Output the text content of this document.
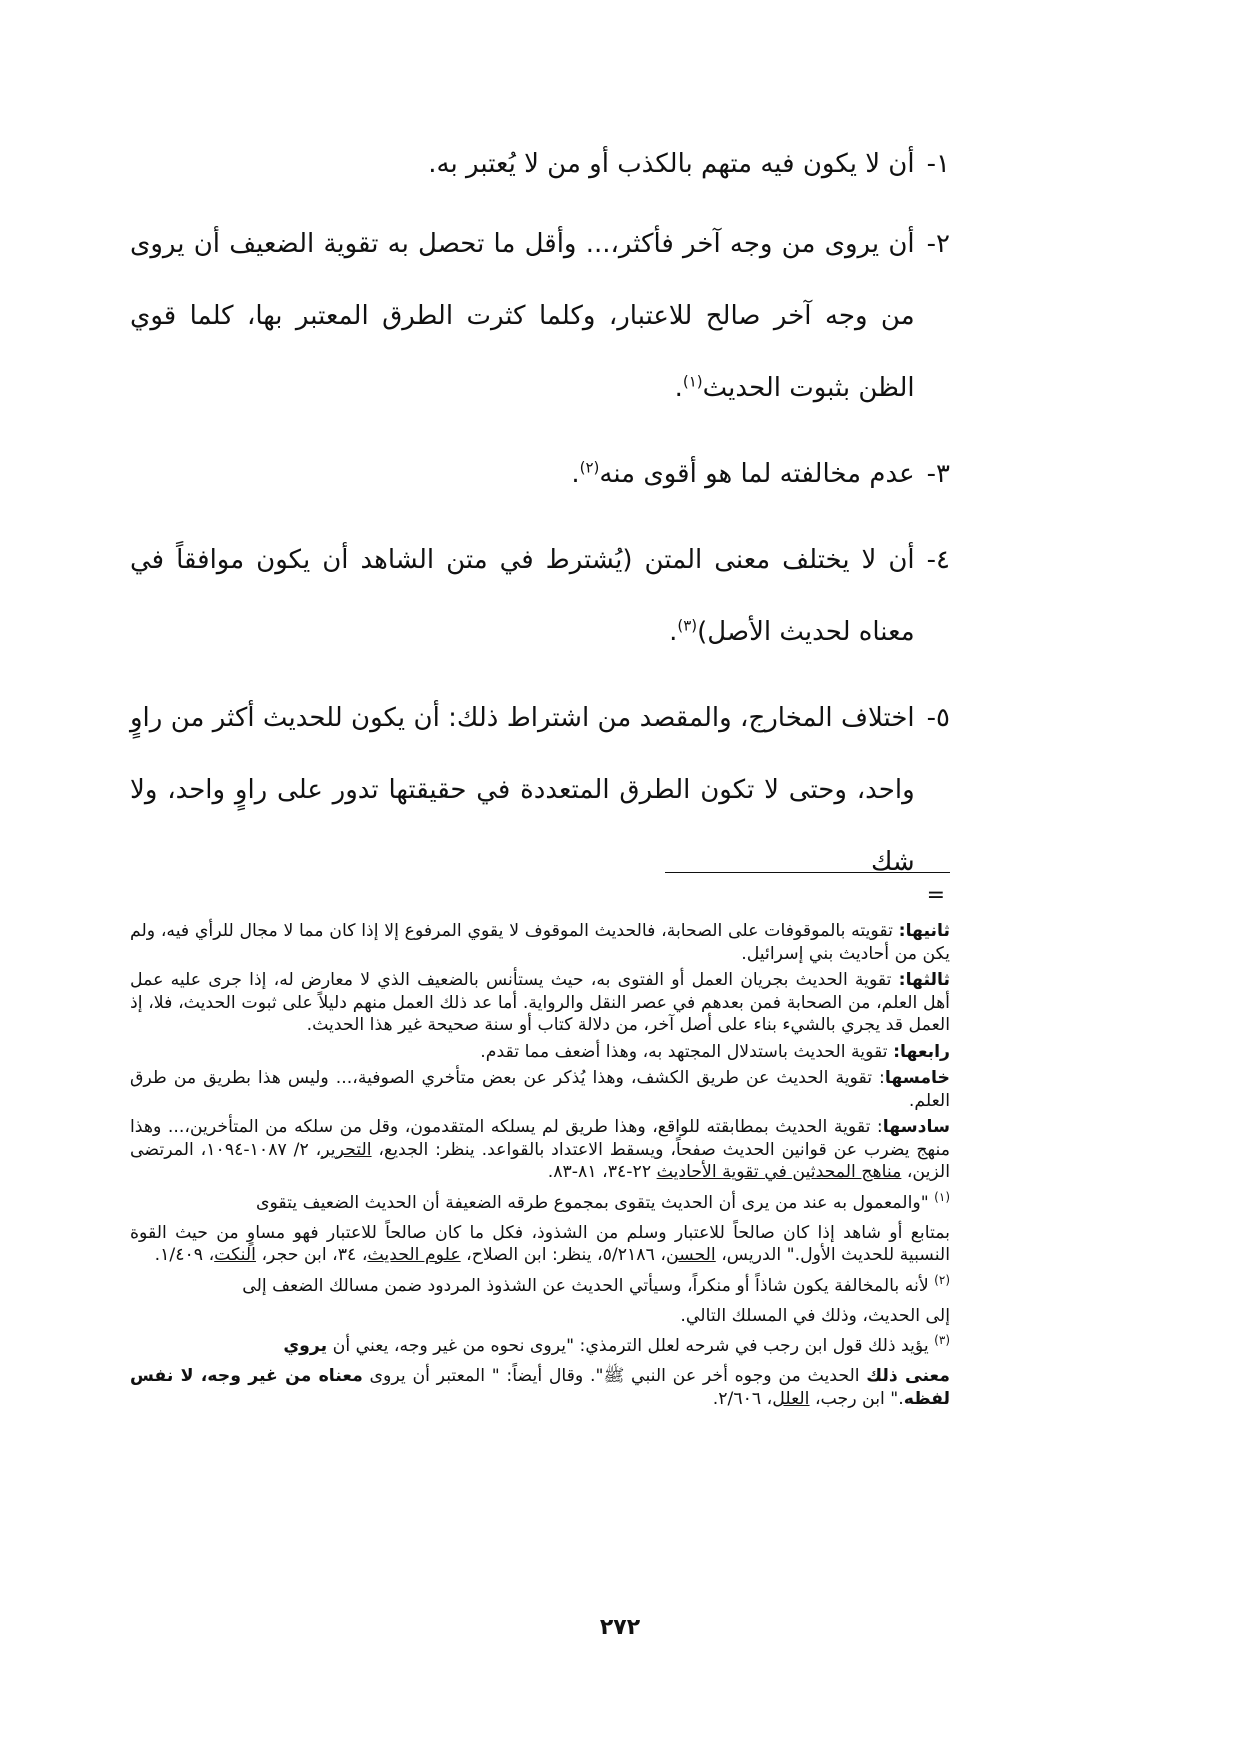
١-
أن لا يكون فيه متهم بالكذب أو من لا يُعتبر به.

٢-
أن يروى من وجه آخر فأكثر،... وأقل ما تحصل به تقوية الضعيف أن يروى من وجه آخر صالح للاعتبار، وكلما كثرت الطرق المعتبر بها، كلما قوي الظن بثبوت الحديث$^{(١)}$.

٣-
عدم مخالفته لما هو أقوى منه$^{(٢)}$.

٤-
أن لا يختلف معنى المتن (يُشترط في متن الشاهد أن يكون موافقاً في معناه لحديث الأصل)$^{(٣)}$.

٥-
اختلاف المخارج، والمقصد من اشتراط ذلك: أن يكون للحديث أكثر من راوٍ واحد، وحتى لا تكون الطرق المتعددة في حقيقتها تدور على راوٍ واحد، ولا شك

=

ثانيها: تقويته بالموقوفات على الصحابة، فالحديث الموقوف لا يقوي المرفوع إلا إذا كان مما لا مجال للرأي فيه، ولم يكن من أحاديث بني إسرائيل.

ثالثها: تقوية الحديث بجريان العمل أو الفتوى به، حيث يستأنس بالضعيف الذي لا معارض له، إذا جرى عليه عمل أهل العلم، من الصحابة فمن بعدهم في عصر النقل والرواية. أما عد ذلك العمل منهم دليلاً على ثبوت الحديث، فلا، إذ العمل قد يجري بالشيء بناء على أصل آخر، من دلالة كتاب أو سنة صحيحة غير هذا الحديث.

رابعها: تقوية الحديث باستدلال المجتهد به، وهذا أضعف مما تقدم.

خامسها: تقوية الحديث عن طريق الكشف، وهذا يُذكر عن بعض متأخري الصوفية،... وليس هذا بطريق من طرق العلم.

سادسها: تقوية الحديث بمطابقته للواقع، وهذا طريق لم يسلكه المتقدمون، وقل من سلكه من المتأخرين،... وهذا منهج يضرب عن قوانين الحديث صفحاً، ويسقط الاعتداد بالقواعد. ينظر: الجديع، التحرير، ٢/ ١٠٨٧-١٠٩٤، المرتضى الزين، مناهج المحدثين في تقوية الأحاديث ٢٢-٣٤، ٨١-٨٣.

$^{(١)}$ "والمعمول به عند من يرى أن الحديث يتقوى بمجموع طرقه الضعيفة أن الحديث الضعيف يتقوى

بمتابع أو شاهد إذا كان صالحاً للاعتبار وسلم من الشذوذ، فكل ما كان صالحاً للاعتبار فهو مساوٍ من حيث القوة النسبية للحديث الأول." الدريس، الحسن، ٥/٢١٨٦، ينظر: ابن الصلاح، علوم الحديث، ٣٤، ابن حجر، النكت، ١/٤٠٩.

$^{(٢)}$ لأنه بالمخالفة يكون شاذاً أو منكراً، وسيأتي الحديث عن الشذوذ المردود ضمن مسالك الضعف إلى

إلى الحديث، وذلك في المسلك التالي.

$^{(٣)}$ يؤيد ذلك قول ابن رجب في شرحه لعلل الترمذي: "يروى نحوه من غير وجه، يعني أن يروي

معنى ذلك الحديث من وجوه أخر عن النبي ﷺ". وقال أيضاً: " المعتبر أن يروى معناه من غير وجه، لا نفس لفظه." ابن رجب، العلل، ٢/٦٠٦.

٢٧٢
